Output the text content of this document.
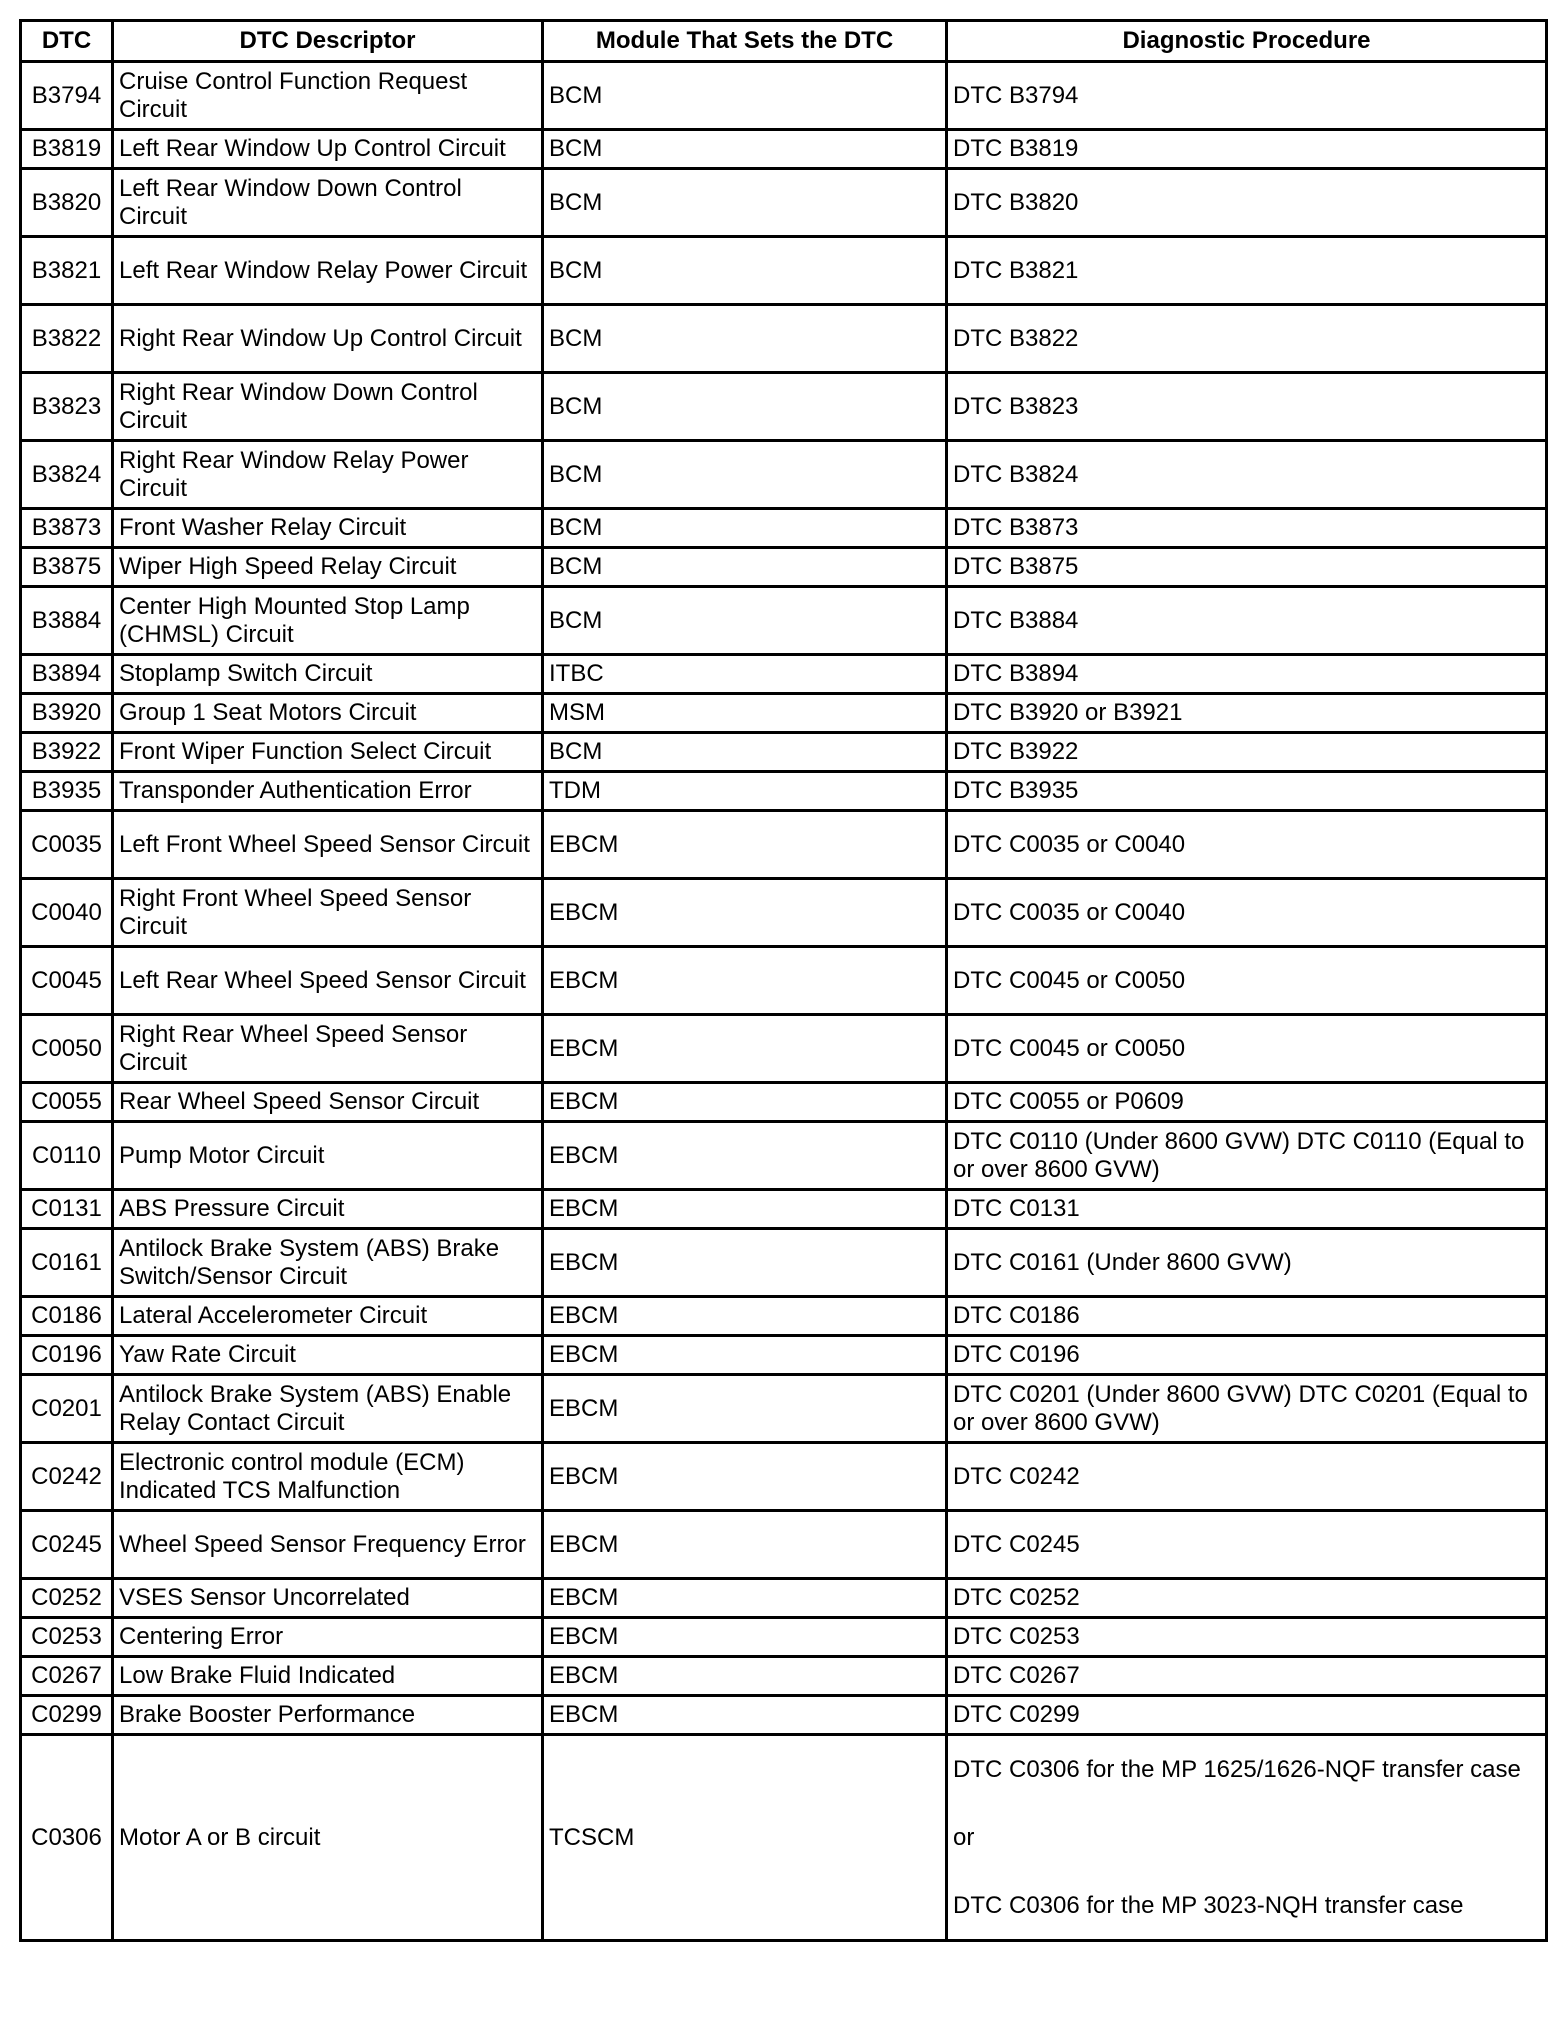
DTC	DTC Descriptor	Module That Sets the DTC	Diagnostic Procedure
B3794	Cruise Control Function Request Circuit	BCM	DTC B3794
B3819	Left Rear Window Up Control Circuit	BCM	DTC B3819
B3820	Left Rear Window Down Control Circuit	BCM	DTC B3820
B3821	Left Rear Window Relay Power Circuit	BCM	DTC B3821
B3822	Right Rear Window Up Control Circuit	BCM	DTC B3822
B3823	Right Rear Window Down Control Circuit	BCM	DTC B3823
B3824	Right Rear Window Relay Power Circuit	BCM	DTC B3824
B3873	Front Washer Relay Circuit	BCM	DTC B3873
B3875	Wiper High Speed Relay Circuit	BCM	DTC B3875
B3884	Center High Mounted Stop Lamp (CHMSL) Circuit	BCM	DTC B3884
B3894	Stoplamp Switch Circuit	ITBC	DTC B3894
B3920	Group 1 Seat Motors Circuit	MSM	DTC B3920 or B3921
B3922	Front Wiper Function Select Circuit	BCM	DTC B3922
B3935	Transponder Authentication Error	TDM	DTC B3935
C0035	Left Front Wheel Speed Sensor Circuit	EBCM	DTC C0035 or C0040
C0040	Right Front Wheel Speed Sensor Circuit	EBCM	DTC C0035 or C0040
C0045	Left Rear Wheel Speed Sensor Circuit	EBCM	DTC C0045 or C0050
C0050	Right Rear Wheel Speed Sensor Circuit	EBCM	DTC C0045 or C0050
C0055	Rear Wheel Speed Sensor Circuit	EBCM	DTC C0055 or P0609
C0110	Pump Motor Circuit	EBCM	DTC C0110 (Under 8600 GVW) DTC C0110 (Equal to or over 8600 GVW)
C0131	ABS Pressure Circuit	EBCM	DTC C0131
C0161	Antilock Brake System (ABS) Brake Switch/Sensor Circuit	EBCM	DTC C0161 (Under 8600 GVW)
C0186	Lateral Accelerometer Circuit	EBCM	DTC C0186
C0196	Yaw Rate Circuit	EBCM	DTC C0196
C0201	Antilock Brake System (ABS) Enable Relay Contact Circuit	EBCM	DTC C0201 (Under 8600 GVW) DTC C0201 (Equal to or over 8600 GVW)
C0242	Electronic control module (ECM) Indicated TCS Malfunction	EBCM	DTC C0242
C0245	Wheel Speed Sensor Frequency Error	EBCM	DTC C0245
C0252	VSES Sensor Uncorrelated	EBCM	DTC C0252
C0253	Centering Error	EBCM	DTC C0253
C0267	Low Brake Fluid Indicated	EBCM	DTC C0267
C0299	Brake Booster Performance	EBCM	DTC C0299
C0306	Motor A or B circuit	TCSCM	DTC C0306 for the MP 1625/1626-NQF transfer case
or
DTC C0306 for the MP 3023-NQH transfer case
